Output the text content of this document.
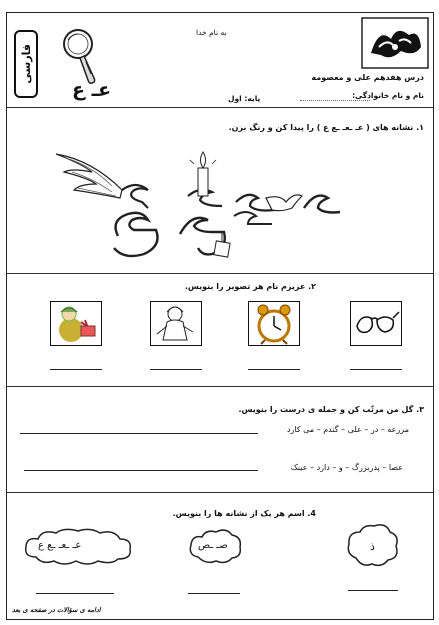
فارسی
عـ ع
به نام خدا
درس هفدهم علی و معصومه
نام و نام خانوادگی:
پایه: اول
۱. نشانه های ( عـ ـعـ ـع ع ) را پیدا کن و رنگ بزن.
۲. عزیزم نام هر تصویر را بنویس.
۳. گل من مرتّب کن و جمله ی درست را بنویس.
مزرعه – در – علی – گندم – می کارد
عصا – پدربزرگ – و – دارد – عینک
4. اسم هر یک از نشانه ها را بنویس.
عـ ـعـ ـع ع	صـ ـص	ذ
ادامه ی سؤالات در صفحه ی بعد
